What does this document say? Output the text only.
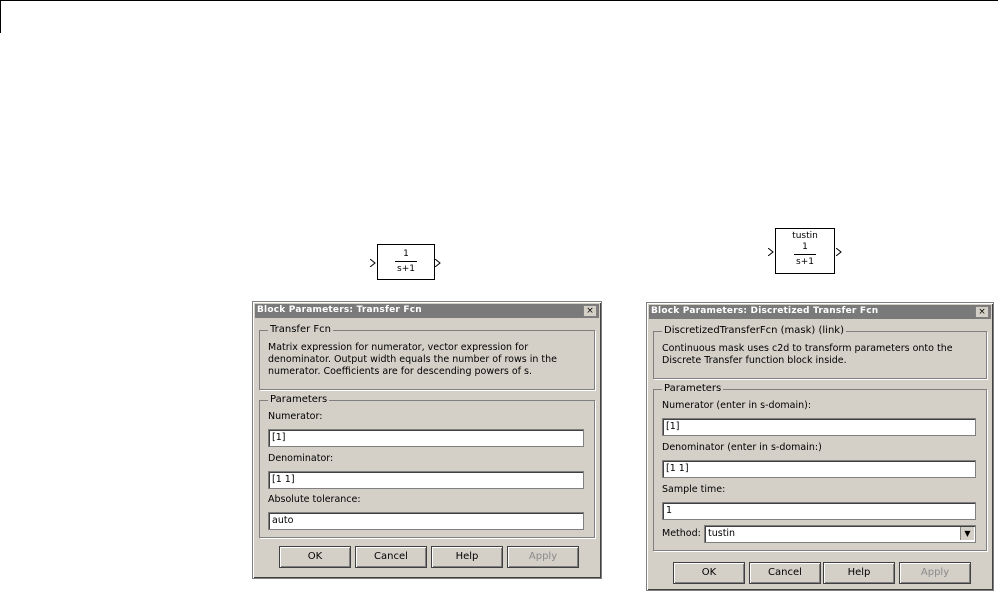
1
s+1
tustin
1
s+1
Block Parameters: Transfer Fcn	×
Transfer Fcn
Matrix expression for numerator, vector expression for denominator. Output width equals the number of rows in the numerator. Coefficients are for descending powers of s.
Parameters
Numerator:
[1]
Denominator:
[1 1]
Absolute tolerance:
auto
OK	Cancel	Help	Apply
Block Parameters: Discretized Transfer Fcn	×
DiscretizedTransferFcn (mask) (link)
Continuous mask uses c2d to transform parameters onto the Discrete Transfer function block inside.
Parameters
Numerator (enter in s-domain):
[1]
Denominator (enter in s-domain:)
[1 1]
Sample time:
1
Method: tustin	▼
OK	Cancel	Help	Apply
